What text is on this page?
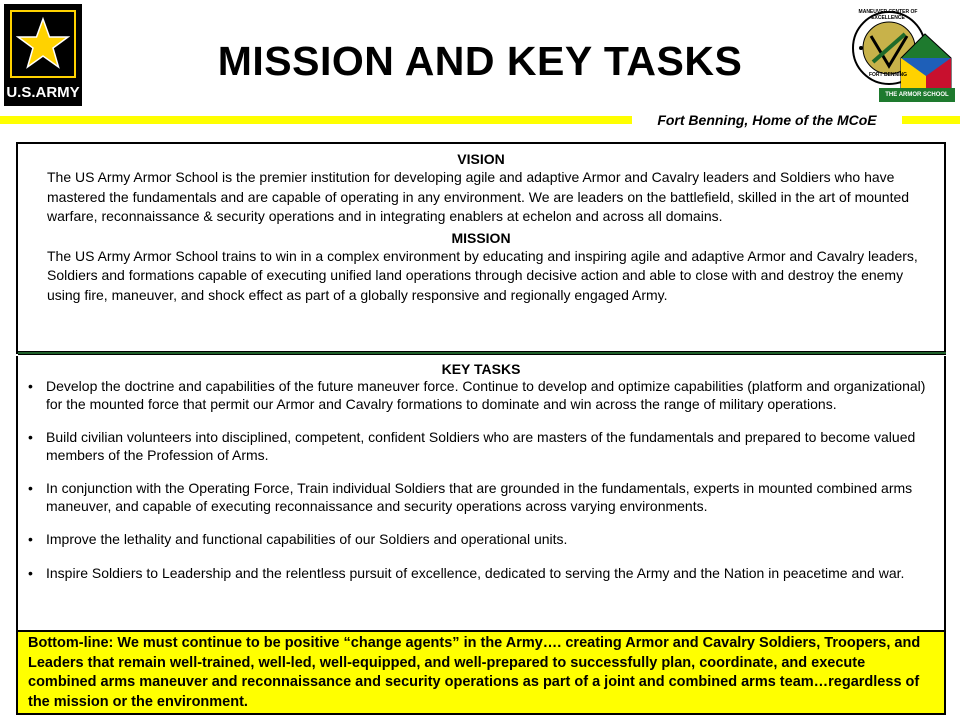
U.S.ARMY
MISSION AND KEY TASKS
MANEUVER CENTER OF EXCELLENCE
FORT BENNING
THE ARMOR SCHOOL
Fort Benning, Home of the MCoE
VISION
The US Army Armor School is the premier institution for developing agile and adaptive Armor and Cavalry leaders and Soldiers who have mastered the fundamentals and are capable of operating in any environment. We are leaders on the battlefield, skilled in the art of mounted warfare, reconnaissance & security operations and in integrating enablers at echelon and across all domains.
MISSION
The US Army Armor School trains to win in a complex environment by educating and inspiring agile and adaptive Armor and Cavalry leaders, Soldiers and formations capable of executing unified land operations through decisive action and able to close with and destroy the enemy using fire, maneuver, and shock effect as part of a globally responsive and regionally engaged Army.
KEY TASKS
• Develop the doctrine and capabilities of the future maneuver force. Continue to develop and optimize capabilities (platform and organizational) for the mounted force that permit our Armor and Cavalry formations to dominate and win across the range of military operations.
• Build civilian volunteers into disciplined, competent, confident Soldiers who are masters of the fundamentals and prepared to become valued members of the Profession of Arms.
• In conjunction with the Operating Force, Train individual Soldiers that are grounded in the fundamentals, experts in mounted combined arms maneuver, and capable of executing reconnaissance and security operations across varying environments.
• Improve the lethality and functional capabilities of our Soldiers and operational units.
• Inspire Soldiers to Leadership and the relentless pursuit of excellence, dedicated to serving the Army and the Nation in peacetime and war.
Bottom-line: We must continue to be positive “change agents” in the Army…. creating Armor and Cavalry Soldiers, Troopers, and Leaders that remain well-trained, well-led, well-equipped, and well-prepared to successfully plan, coordinate, and execute combined arms maneuver and reconnaissance and security operations as part of a joint and combined arms team…regardless of the mission or the environment.
